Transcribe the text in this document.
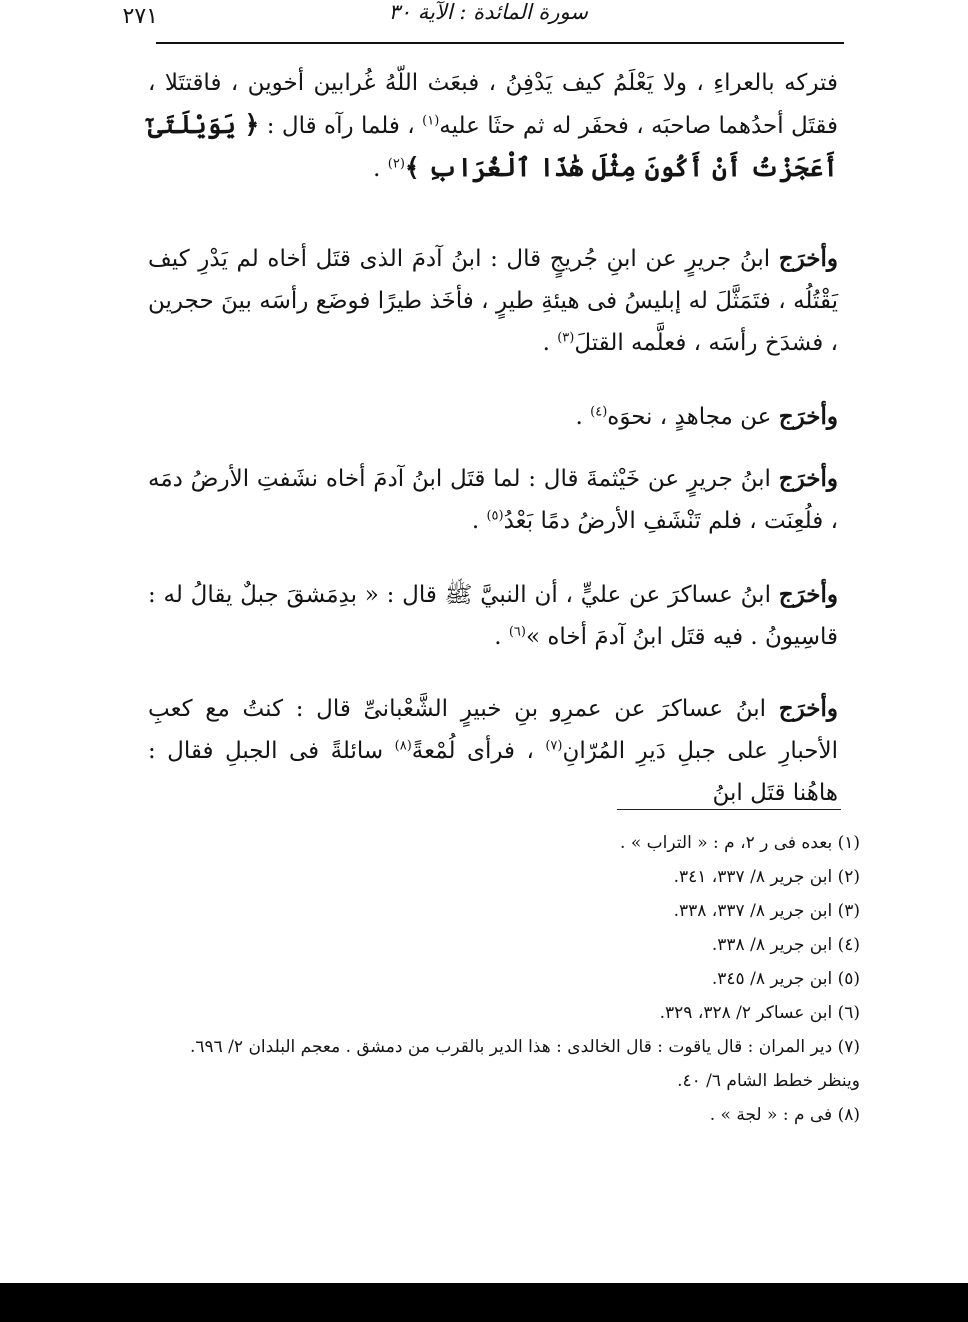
٢٧١	سورة المائدة : الآية ٣٠

فتركه بالعراءِ ، ولا يَعْلَمُ كيف يَدْفِنُ ، فبعَث اللّهُ غُرابين أخوين ، فاقتتَلا ، فقتَل أحدُهما صاحبَه ، فحفَر له ثم حثَا عليه$^{(١)}$ ، فلما رآه قال : ﴿ يَوَيْلَتَىٰٓ أَعَجَزْتُ أَنْ أَكُونَ مِثْلَ هَٰذَا ٱلْغُرَابِ ﴾$^{(٢)}$ .

وأخرَج ابنُ جريرٍ عن ابنِ جُريجٍ قال : ابنُ آدمَ الذى قتَل أخاه لم يَدْرِ كيف يَقْتُلُه ، فتَمَثَّلَ له إبليسُ فى هيئةِ طيرٍ ، فأخَذ طيرًا فوضَع رأسَه بينَ حجرين ، فشدَخ رأسَه ، فعلَّمه القتلَ$^{(٣)}$ .

وأخرَج عن مجاهدٍ ، نحوَه$^{(٤)}$ .

وأخرَج ابنُ جريرٍ عن خَيْثمةَ قال : لما قتَل ابنُ آدمَ أخاه نشَفتِ الأرضُ دمَه ، فلُعِنَت ، فلم تَنْشَفِ الأرضُ دمًا بَعْدُ$^{(٥)}$ .

وأخرَج ابنُ عساكرَ عن عليٍّ ، أن النبيَّ ﷺ قال : « بدِمَشقَ جبلٌ يقالُ له : قاسِيونُ . فيه قتَل ابنُ آدمَ أخاه »$^{(٦)}$ .

وأخرَج ابنُ عساكرَ عن عمرِو بنِ خبيرٍ الشَّعْبانىِّ قال : كنتُ مع كعبِ الأحبارِ على جبلِ دَيرِ المُرّانِ$^{(٧)}$ ، فرأى لُمْعةً$^{(٨)}$ سائلةً فى الجبلِ فقال : هاهُنا قتَل ابنُ

(١) بعده فى ر ٢، م : « التراب » .

(٢) ابن جرير ٨/ ٣٣٧، ٣٤١.

(٣) ابن جرير ٨/ ٣٣٧، ٣٣٨.

(٤) ابن جرير ٨/ ٣٣٨.

(٥) ابن جرير ٨/ ٣٤٥.

(٦) ابن عساكر ٢/ ٣٢٨، ٣٢٩.

(٧) دير المران : قال ياقوت : قال الخالدى : هذا الدير بالقرب من دمشق . معجم البلدان ٢/ ٦٩٦. وينظر خطط الشام ٦/ ٤٠.

(٨) فى م : « لجة » .
